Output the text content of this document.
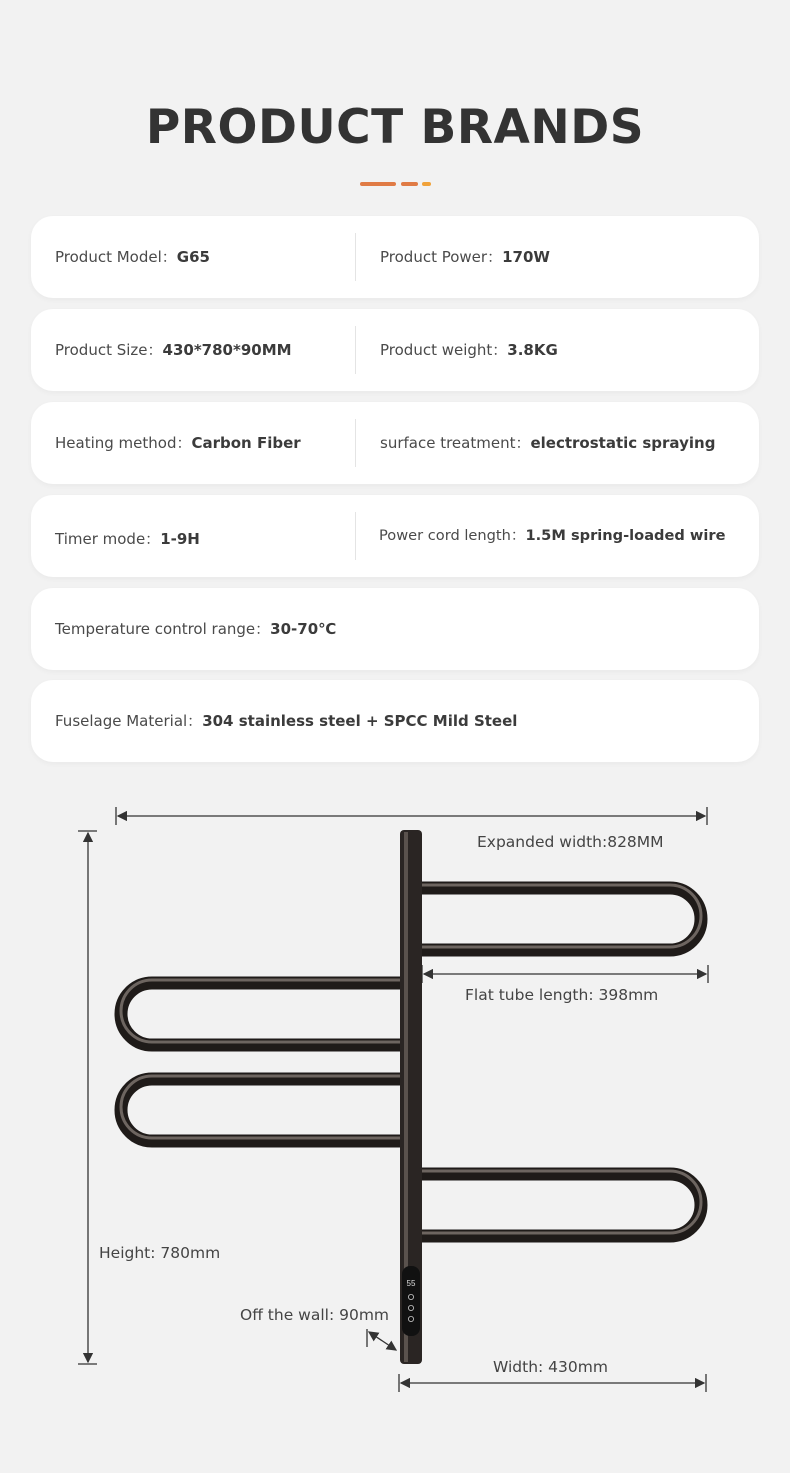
PRODUCT BRANDS
Product Model：G65	Product Power：170W
Product Size：430*780*90MM	Product weight：3.8KG
Heating method：Carbon Fiber	surface treatment：electrostatic spraying
Timer mode：1-9H	Power cord length：1.5M spring-loaded wire
Temperature control range：30-70℃
Fuselage Material：304 stainless steel + SPCC Mild Steel
55
Expanded width:828MM
Flat tube length: 398mm
Height: 780mm
Off the wall: 90mm
Width: 430mm
